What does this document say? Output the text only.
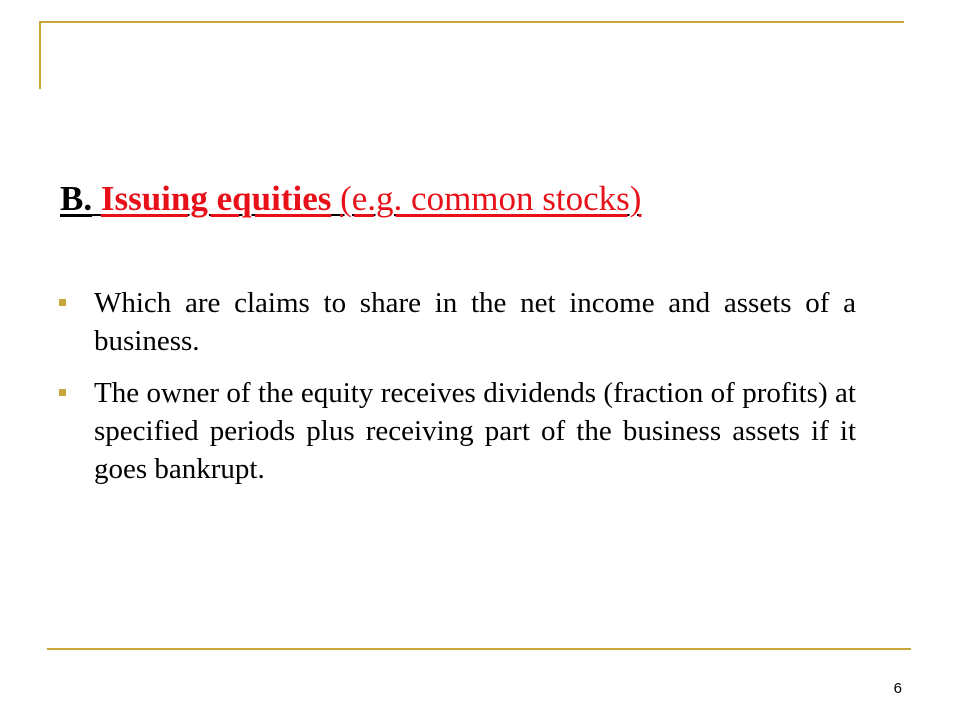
B. Issuing equities (e.g. common stocks)
Which are claims to share in the net income and assets of a business.
The owner of the equity receives dividends (fraction of profits) at specified periods plus receiving part of the business assets if it goes bankrupt.
6
